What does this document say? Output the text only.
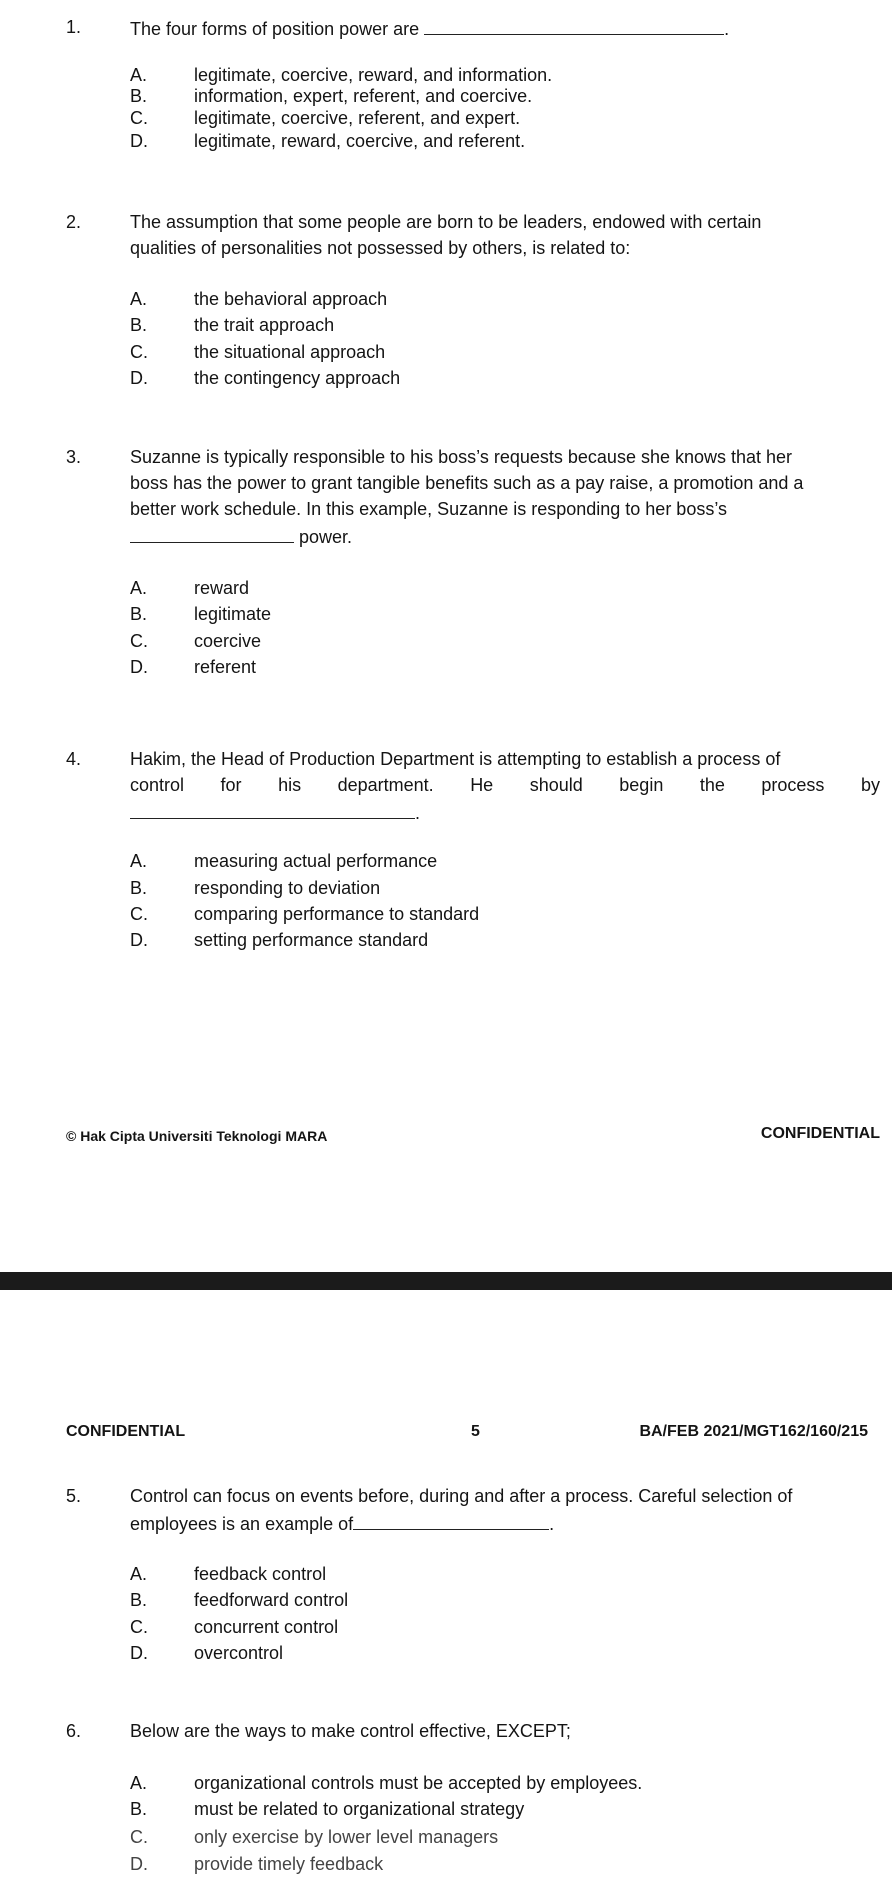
1.	The four forms of position power are	.
A.	legitimate, coercive, reward, and information.
B.	information, expert, referent, and coercive.
C.	legitimate, coercive, referent, and expert.
D.	legitimate, reward, coercive, and referent.
2.	The assumption that some people are born to be leaders, endowed with certain
qualities of personalities not possessed by others, is related to:
A.	the behavioral approach
B.	the trait approach
C.	the situational approach
D.	the contingency approach
3.	Suzanne is typically responsible to his boss’s requests because she knows that her
boss has the power to grant tangible benefits such as a pay raise, a promotion and a
better work schedule. In this example, Suzanne is responding to her boss’s
power.
A.	reward
B.	legitimate
C.	coercive
D.	referent
4.	Hakim, the Head of Production Department is attempting to establish a process of
control for his department. He should begin the process by
.
A.	measuring actual performance
B.	responding to deviation
C.	comparing performance to standard
D.	setting performance standard
© Hak Cipta Universiti Teknologi MARA	CONFIDENTIAL
CONFIDENTIAL	5	BA/FEB 2021/MGT162/160/215
5.	Control can focus on events before, during and after a process. Careful selection of
employees is an example of	.
A.	feedback control
B.	feedforward control
C.	concurrent control
D.	overcontrol
6.	Below are the ways to make control effective, EXCEPT;
A.	organizational controls must be accepted by employees.
B.	must be related to organizational strategy
C.	only exercise by lower level managers
D.	provide timely feedback
